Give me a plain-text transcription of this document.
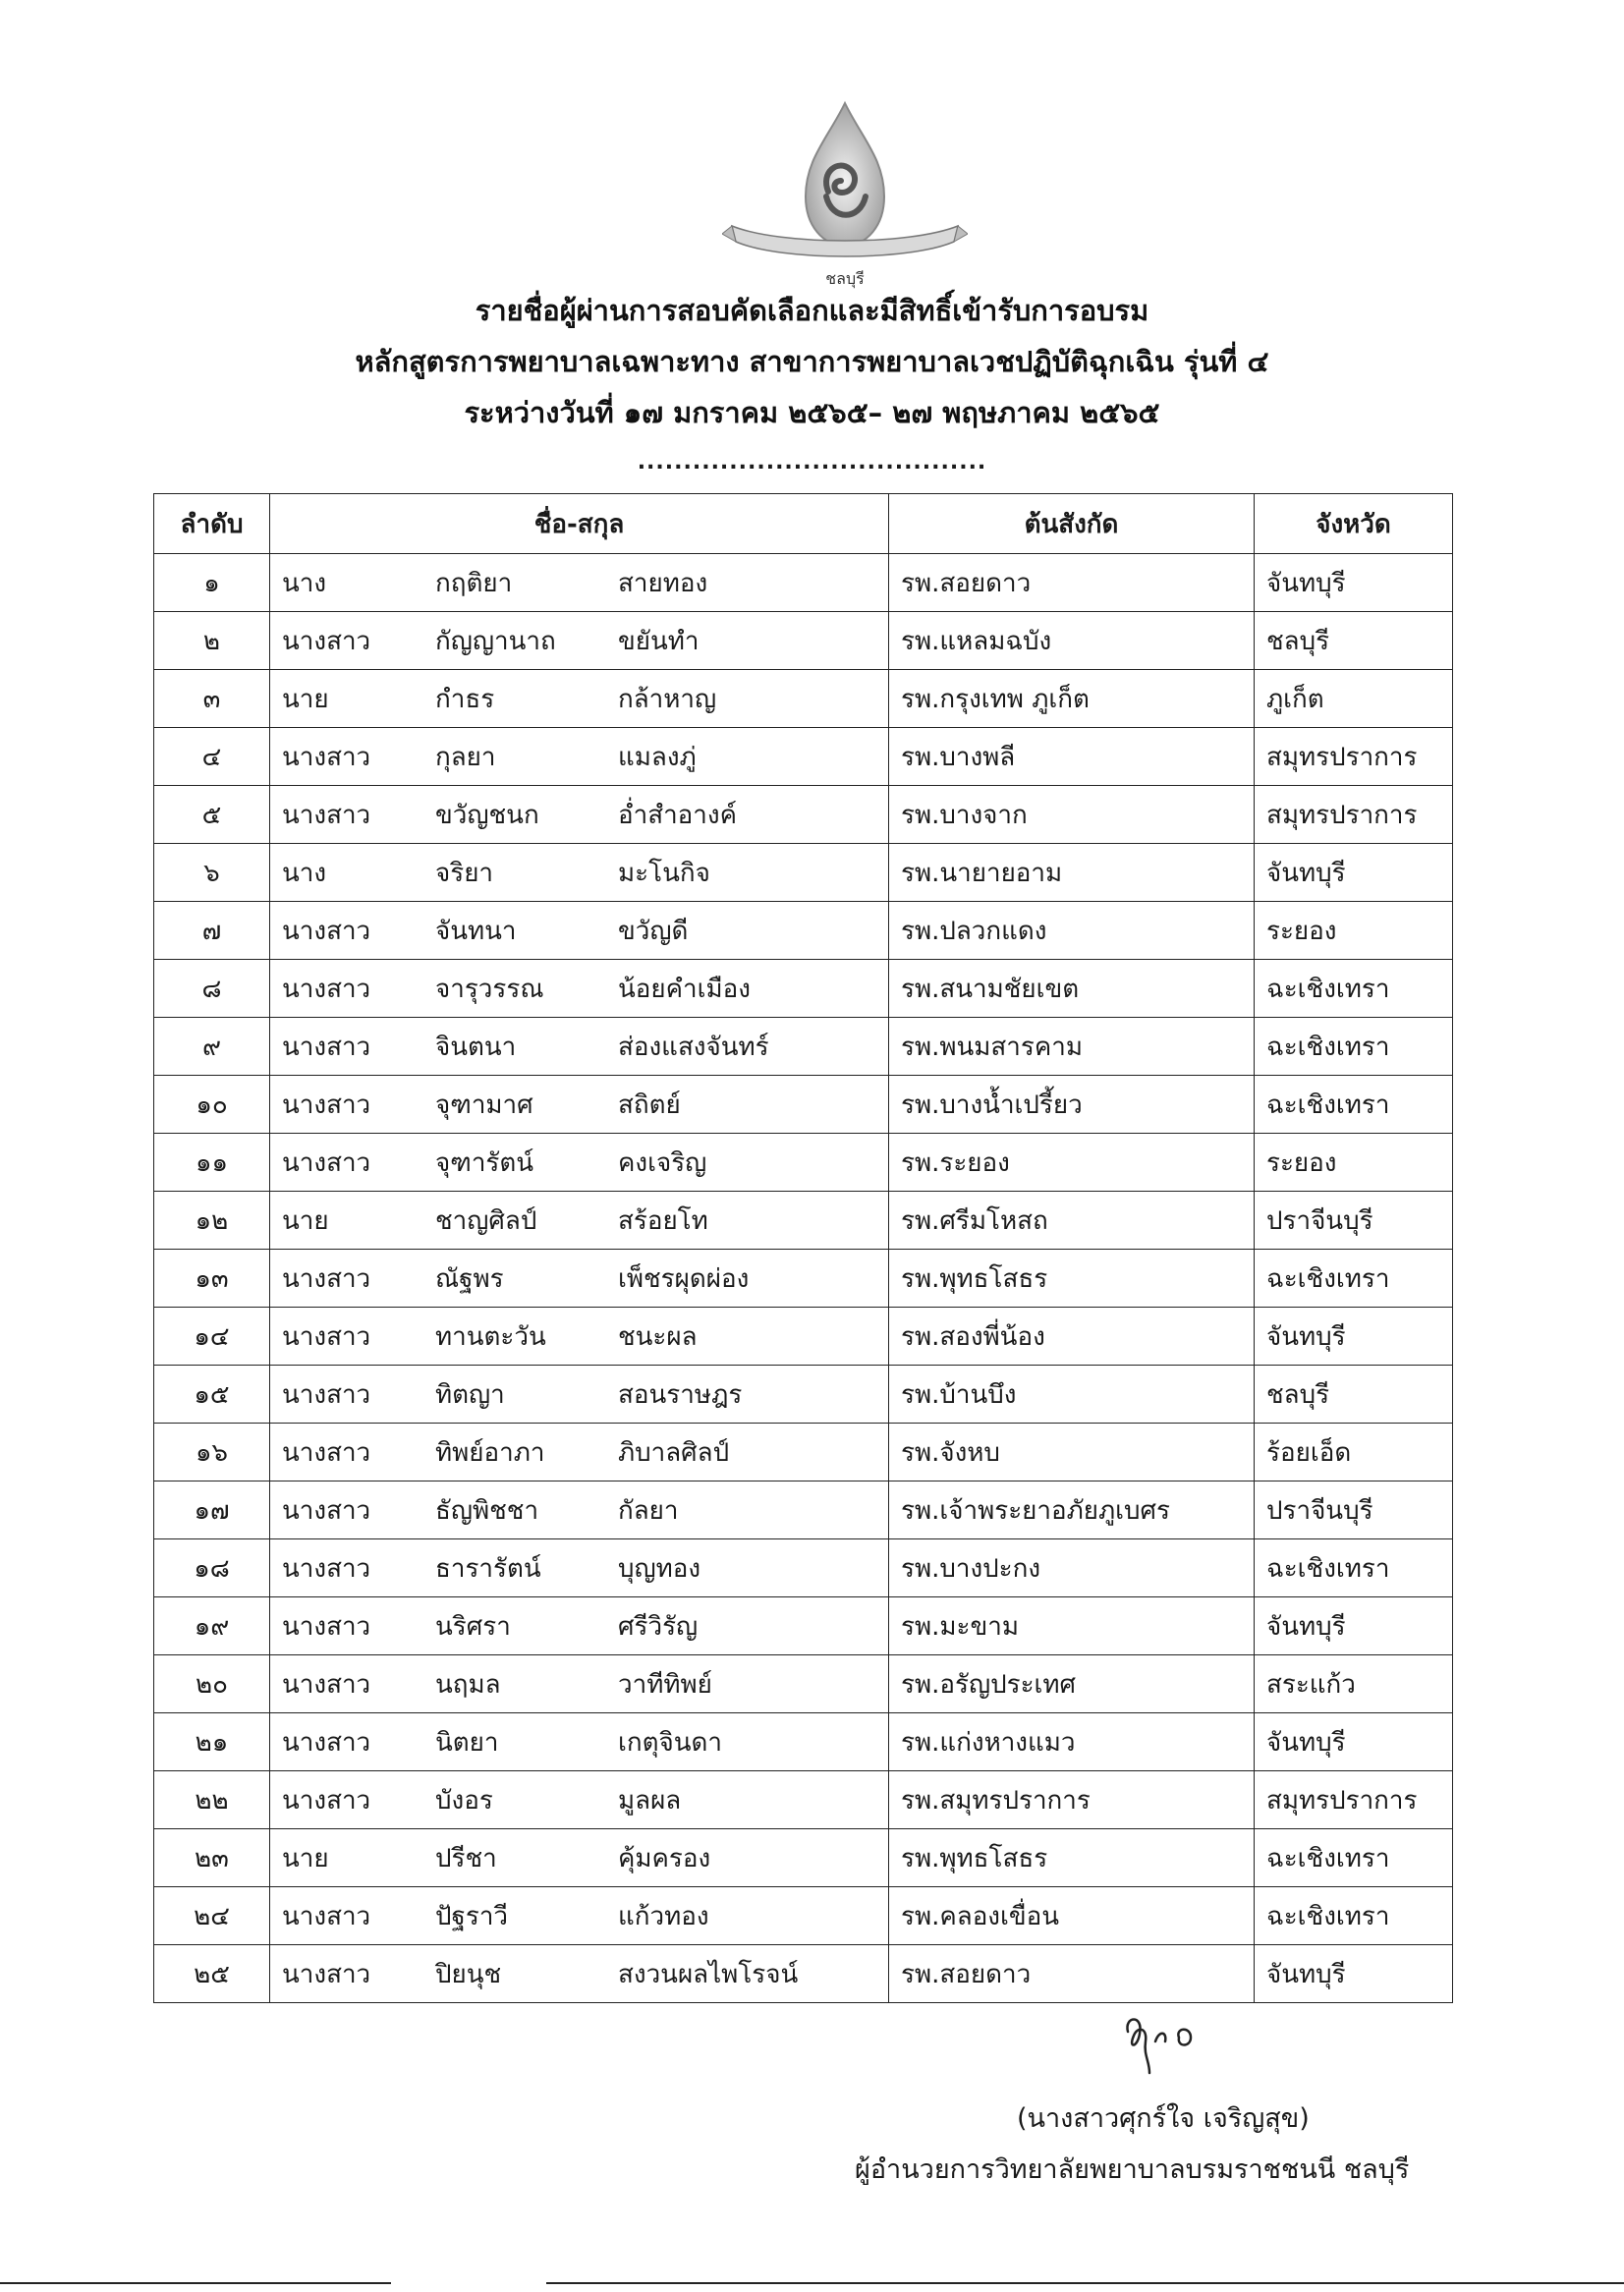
ชลบุรี
รายชื่อผู้ผ่านการสอบคัดเลือกและมีสิทธิ์เข้ารับการอบรม
หลักสูตรการพยาบาลเฉพาะทาง สาขาการพยาบาลเวชปฏิบัติฉุกเฉิน รุ่นที่ ๔
ระหว่างวันที่ ๑๗ มกราคม ๒๕๖๕– ๒๗ พฤษภาคม ๒๕๖๕
......................................
ลำดับ	ชื่อ-สกุล	ต้นสังกัด	จังหวัด
๑	นาง กฤติยา สายทอง	รพ.สอยดาว	จันทบุรี
๒	นางสาว กัญญานาถ ขยันทำ	รพ.แหลมฉบัง	ชลบุรี
๓	นาย กำธร กล้าหาญ	รพ.กรุงเทพ ภูเก็ต	ภูเก็ต
๔	นางสาว กุลยา แมลงภู่	รพ.บางพลี	สมุทรปราการ
๕	นางสาว ขวัญชนก อ่ำสำอางค์	รพ.บางจาก	สมุทรปราการ
๖	นาง จริยา มะโนกิจ	รพ.นายายอาม	จันทบุรี
๗	นางสาว จันทนา ขวัญดี	รพ.ปลวกแดง	ระยอง
๘	นางสาว จารุวรรณ น้อยคำเมือง	รพ.สนามชัยเขต	ฉะเชิงเทรา
๙	นางสาว จินตนา ส่องแสงจันทร์	รพ.พนมสารคาม	ฉะเชิงเทรา
๑๐	นางสาว จุฑามาศ สถิตย์	รพ.บางน้ำเปรี้ยว	ฉะเชิงเทรา
๑๑	นางสาว จุฑารัตน์ คงเจริญ	รพ.ระยอง	ระยอง
๑๒	นาย ชาญศิลป์ สร้อยโท	รพ.ศรีมโหสถ	ปราจีนบุรี
๑๓	นางสาว ณัฐพร เพ็ชรผุดผ่อง	รพ.พุทธโสธร	ฉะเชิงเทรา
๑๔	นางสาว ทานตะวัน ชนะผล	รพ.สองพี่น้อง	จันทบุรี
๑๕	นางสาว ทิตญา สอนราษฎร	รพ.บ้านบึง	ชลบุรี
๑๖	นางสาว ทิพย์อาภา ภิบาลศิลป์	รพ.จังหบ	ร้อยเอ็ด
๑๗	นางสาว ธัญพิชชา กัลยา	รพ.เจ้าพระยาอภัยภูเบศร	ปราจีนบุรี
๑๘	นางสาว ธารารัตน์ บุญทอง	รพ.บางปะกง	ฉะเชิงเทรา
๑๙	นางสาว นริศรา ศรีวิรัญ	รพ.มะขาม	จันทบุรี
๒๐	นางสาว นฤมล วาทีทิพย์	รพ.อรัญประเทศ	สระแก้ว
๒๑	นางสาว นิตยา เกตุจินดา	รพ.แก่งหางแมว	จันทบุรี
๒๒	นางสาว บังอร มูลผล	รพ.สมุทรปราการ	สมุทรปราการ
๒๓	นาย ปรีชา คุ้มครอง	รพ.พุทธโสธร	ฉะเชิงเทรา
๒๔	นางสาว ปัฐราวี แก้วทอง	รพ.คลองเขื่อน	ฉะเชิงเทรา
๒๕	นางสาว ปิยนุช สงวนผลไพโรจน์	รพ.สอยดาว	จันทบุรี
(นางสาวศุกร์ใจ เจริญสุข)
ผู้อำนวยการวิทยาลัยพยาบาลบรมราชชนนี ชลบุรี
